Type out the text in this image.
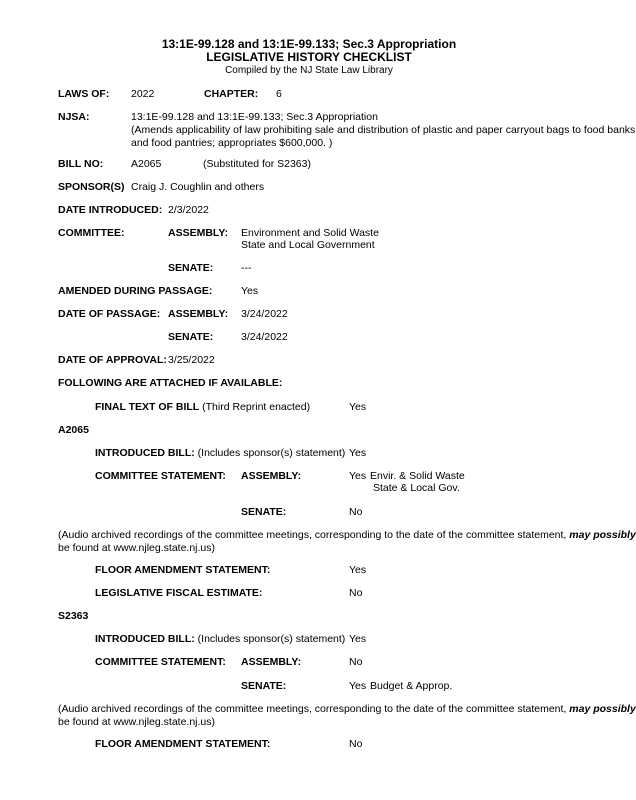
13:1E-99.128 and 13:1E-99.133; Sec.3 Appropriation
LEGISLATIVE HISTORY CHECKLIST
Compiled by the NJ State Law Library
LAWS OF: 2022	CHAPTER: 6
NJSA:	13:1E-99.128 and 13:1E-99.133; Sec.3 Appropriation
(Amends applicability of law prohibiting sale and distribution of plastic and paper carryout bags to food banks
and food pantries; appropriates $600,000. )
BILL NO:	A2065	(Substituted for S2363)
SPONSOR(S) Craig J. Coughlin and others
DATE INTRODUCED: 2/3/2022
COMMITTEE:	ASSEMBLY: Environment and Solid Waste
State and Local Government
SENATE:	---
AMENDED DURING PASSAGE:	Yes
DATE OF PASSAGE: ASSEMBLY: 3/24/2022
SENATE:	3/24/2022
DATE OF APPROVAL: 3/25/2022
FOLLOWING ARE ATTACHED IF AVAILABLE:
FINAL TEXT OF BILL (Third Reprint enacted)	Yes
A2065
INTRODUCED BILL: (Includes sponsor(s) statement) Yes
COMMITTEE STATEMENT: ASSEMBLY:	Yes Envir. & Solid Waste
State & Local Gov.
SENATE:	No
(Audio archived recordings of the committee meetings, corresponding to the date of the committee statement, may possibly
be found at www.njleg.state.nj.us)
FLOOR AMENDMENT STATEMENT:	Yes
LEGISLATIVE FISCAL ESTIMATE:	No
S2363
INTRODUCED BILL: (Includes sponsor(s) statement) Yes
COMMITTEE STATEMENT: ASSEMBLY:	No
SENATE:	Yes Budget & Approp.
(Audio archived recordings of the committee meetings, corresponding to the date of the committee statement, may possibly
be found at www.njleg.state.nj.us)
FLOOR AMENDMENT STATEMENT:	No
